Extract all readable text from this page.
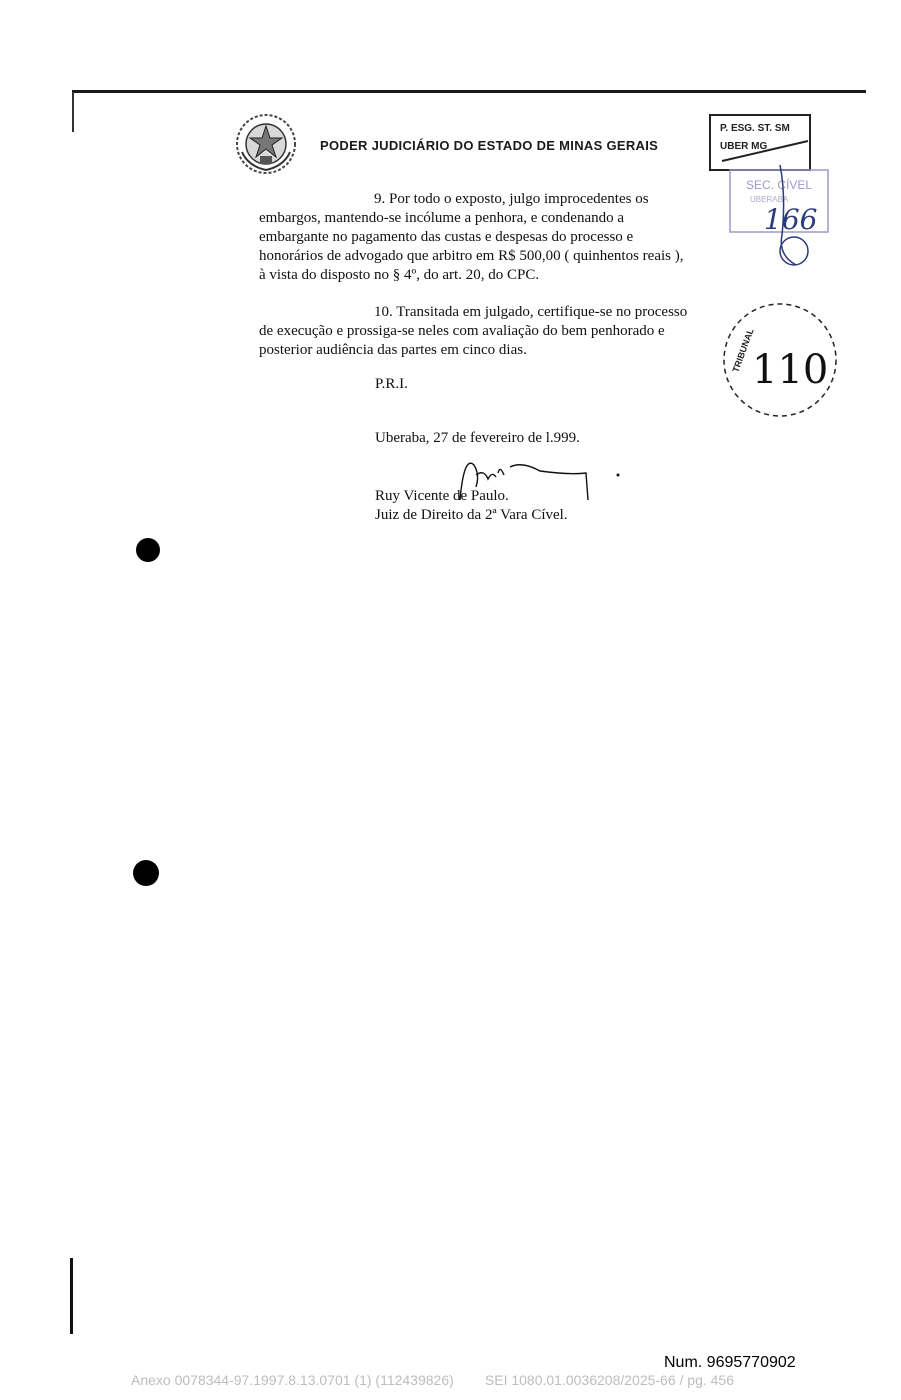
PODER JUDICIÁRIO DO ESTADO DE MINAS GERAIS
9. Por todo o exposto, julgo improcedentes os
embargos, mantendo-se incólume a penhora, e condenando a
embargante no pagamento das custas e despesas do processo e
honorários de advogado que arbitro em R$ 500,00 ( quinhentos reais ),
à vista do disposto no § 4º, do art. 20, do CPC.
10. Transitada em julgado, certifique-se no processo
de execução e prossiga-se neles com avaliação do bem penhorado e
posterior audiência das partes em cinco dias.
P.R.I.
Uberaba, 27 de fevereiro de l.999.
Ruy Vicente de Paulo.
Juiz de Direito da 2ª Vara Cível.
P. ESG. ST. SM
UBER MG
SEC. CÍVEL
UBERABA
166
TRIBUNAL
110
Num. 9695770902
Anexo 0078344-97.1997.8.13.0701 (1) (112439826)        SEI 1080.01.0036208/2025-66 / pg. 456
